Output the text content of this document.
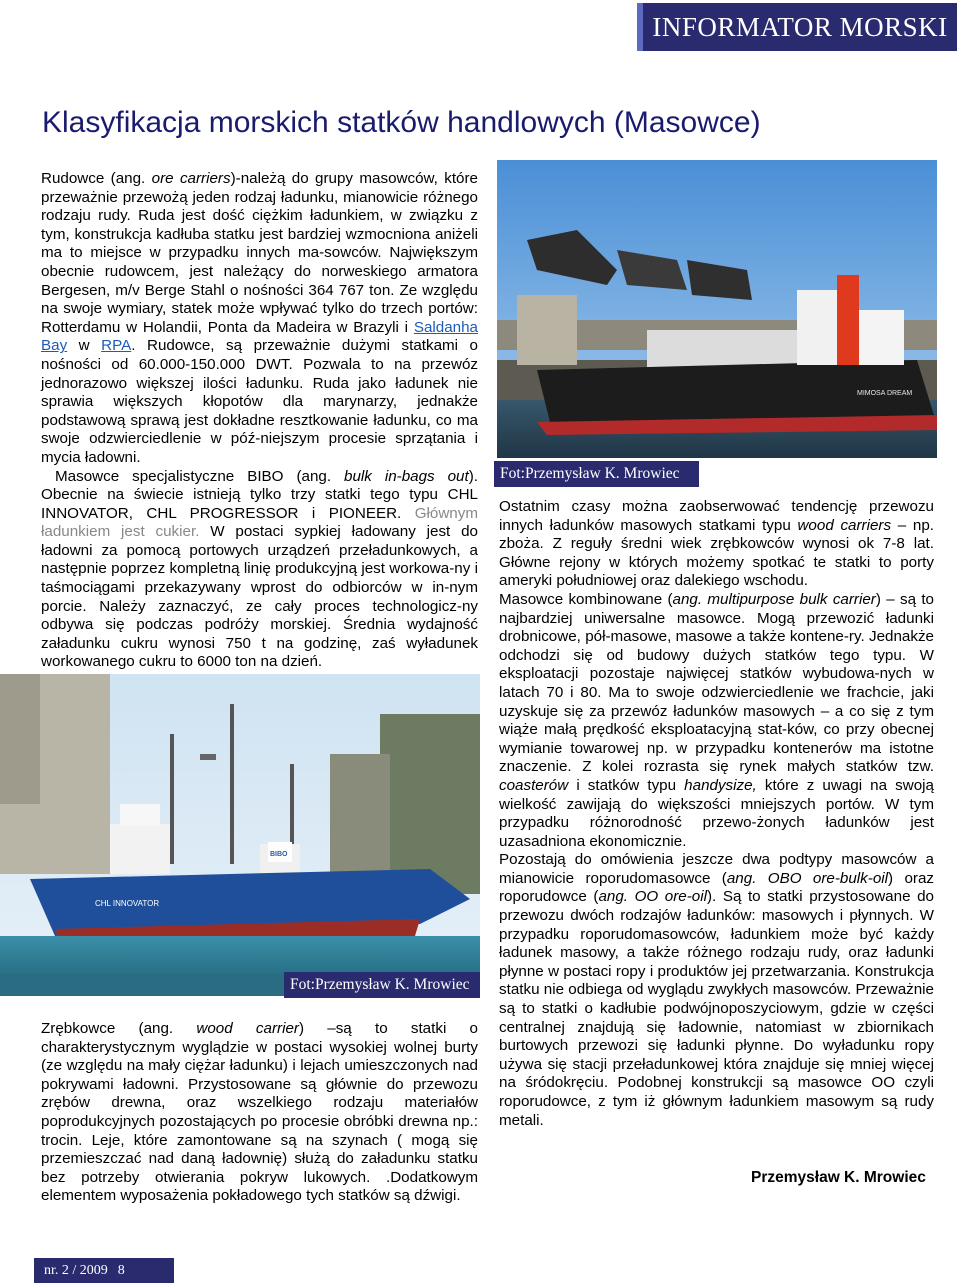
INFORMATOR MORSKI
Klasyfikacja morskich statków handlowych (Masowce)

Rudowce (ang. ore carriers)-należą do grupy masowców, które przeważnie przewożą jeden rodzaj ładunku, mianowicie różnego rodzaju rudy. Ruda jest dość ciężkim ładunkiem, w związku z tym, konstrukcja kadłuba statku jest bardziej wzmocniona aniżeli ma to miejsce w przypadku innych ma-sowców. Największym obecnie rudowcem, jest należący do norweskiego armatora Bergesen, m/v Berge Stahl o nośności 364 767 ton. Ze względu na swoje wymiary, statek może wpływać tylko do trzech portów: Rotterdamu w Holandii, Ponta da Madeira w Brazyli i Saldanha Bay w RPA. Rudowce, są przeważnie dużymi statkami o nośności od 60.000-150.000 DWT. Pozwala to na przewóz jednorazowo większej ilości ładunku. Ruda jako ładunek nie sprawia większych kłopotów dla marynarzy, jednakże podstawową sprawą jest dokładne resztkowanie ładunku, co ma swoje odzwierciedlenie w póź-niejszym procesie sprzątania i mycia ładowni.

Masowce specjalistyczne BIBO (ang. bulk in-bags out). Obecnie na świecie istnieją tylko trzy statki tego typu CHL INNOVATOR, CHL PROGRESSOR i PIONEER. Głównym ładunkiem jest cukier. W postaci sypkiej ładowany jest do ładowni za pomocą portowych urządzeń przeładunkowych, a następnie poprzez kompletną linię produkcyjną jest workowa-ny i taśmociągami przekazywany wprost do odbiorców w in-nym porcie. Należy zaznaczyć, ze cały proces technologicz-ny odbywa się podczas podróży morskiej. Średnia wydajność załadunku cukru wynosi 750 t na godzinę, zaś wyładunek workowanego cukru to 6000 ton na dzień.

MIMOSA DREAM
Fot:Przemysław K. Mrowiec

Ostatnim czasy można zaobserwować tendencję przewozu innych ładunków masowych statkami typu wood carriers – np. zboża. Z reguły średni wiek zrębkowców wynosi ok 7-8 lat. Główne rejony w których możemy spotkać te statki to porty ameryki południowej oraz dalekiego wschodu.

Masowce kombinowane (ang. multipurpose bulk carrier) – są to najbardziej uniwersalne masowce. Mogą przewozić ładunki drobnicowe, pół-masowe, masowe a także kontene-ry. Jednakże odchodzi się od budowy dużych statków tego typu. W eksploatacji pozostaje najwięcej statków wybudowa-nych w latach 70 i 80. Ma to swoje odzwierciedlenie we frachcie, jaki uzyskuje się za przewóz ładunków masowych – a co się z tym wiąże małą prędkość eksploatacyjną stat-ków, co przy obecnej wymianie towarowej np. w przypadku kontenerów ma istotne znaczenie. Z kolei rozrasta się rynek małych statków tzw. coasterów i statków typu handysize, które z uwagi na swoją wielkość zawijają do większości mniejszych portów. W tym przypadku różnorodność przewo-żonych ładunków jest uzasadniona ekonomicznie.

Pozostają do omówienia jeszcze dwa podtypy masowców a mianowicie roporudomasowce (ang. OBO ore-bulk-oil) oraz roporudowce (ang. OO ore-oil). Są to statki przystosowane do przewozu dwóch rodzajów ładunków: masowych i płynnych. W przypadku roporudomasowców, ładunkiem może być każdy ładunek masowy, a także różnego rodzaju rudy, oraz ładunki płynne w postaci ropy i produktów jej przetwarzania. Konstrukcja statku nie odbiega od wyglądu zwykłych masowców. Przeważnie są to statki o kadłubie podwójnoposzyciowym, gdzie w części centralnej znajdują się ładownie, natomiast w zbiornikach burtowych przewozi się ładunki płynne. Do wyładunku ropy używa się stacji przeładunkowej która znajduje się mniej więcej na śródokręciu. Podobnej konstrukcji są masowce OO czyli roporudowce, z tym iż głównym ładunkiem masowym są rudy metali.

BIBO
CHL INNOVATOR
Fot:Przemysław K. Mrowiec

Zrębkowce (ang. wood carrier) –są to statki o charakterystycznym wyglądzie w postaci wysokiej wolnej burty (ze względu na mały ciężar ładunku) i lejach umieszczonych nad pokrywami ładowni. Przystosowane są głównie do przewozu zrębów drewna, oraz wszelkiego rodzaju materiałów poprodukcyjnych pozostających po procesie obróbki drewna np.: trocin. Leje, które zamontowane są na szynach ( mogą się przemieszczać nad daną ładownię) służą do załadunku statku bez potrzeby otwierania pokryw lukowych. .Dodatkowym elementem wyposażenia pokładowego tych statków są dźwigi.

Przemysław K. Mrowiec
nr. 2 / 2009 8
